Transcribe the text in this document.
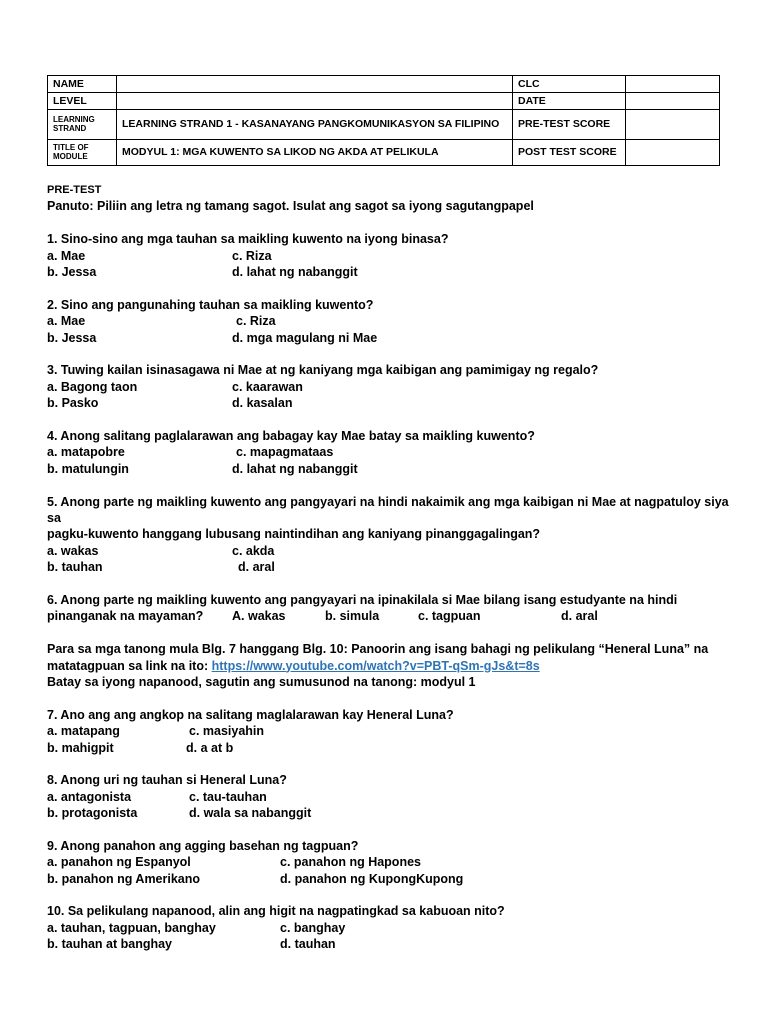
NAME		CLC	
LEVEL		DATE	
LEARNING STRAND	LEARNING STRAND 1 - KASANAYANG PANGKOMUNIKASYON SA FILIPINO	PRE-TEST SCORE	
TITLE OF MODULE	MODYUL 1: MGA KUWENTO SA LIKOD NG AKDA AT PELIKULA	POST TEST SCORE	

PRE-TEST

Panuto: Piliin ang letra ng tamang sagot. Isulat ang sagot sa iyong sagutangpapel

1. Sino-sino ang mga tauhan sa maikling kuwento na iyong binasa?

a. Mae	c. Riza
b. Jessa	d. lahat ng nabanggit

2. Sino ang pangunahing tauhan sa maikling kuwento?

a. Mae	c. Riza
b. Jessa	d. mga magulang ni Mae

3. Tuwing kailan isinasagawa ni Mae at ng kaniyang mga kaibigan ang pamimigay ng regalo?

a. Bagong taon	c. kaarawan
b. Pasko	d. kasalan

4. Anong salitang paglalarawan ang babagay kay Mae batay sa maikling kuwento?

a. matapobre	c. mapagmataas
b. matulungin	d. lahat ng nabanggit

5. Anong parte ng maikling kuwento ang pangyayari na hindi nakaimik ang mga kaibigan ni Mae at nagpatuloy siya sa

pagku-kuwento hanggang lubusang naintindihan ang kaniyang pinanggagalingan?

a. wakas	c. akda
b. tauhan	d. aral

6. Anong parte ng maikling kuwento ang pangyayari na ipinakilala si Mae bilang isang estudyante na hindi

pinanganak na mayaman? A. wakas	b. simula	c. tagpuan	d. aral

Para sa mga tanong mula Blg. 7 hanggang Blg. 10: Panoorin ang isang bahagi ng pelikulang “Heneral Luna” na

matatagpuan sa link na ito: https://www.youtube.com/watch?v=PBT-qSm-gJs&t=8s

Batay sa iyong napanood, sagutin ang sumusunod na tanong: modyul 1

7. Ano ang ang angkop na salitang maglalarawan kay Heneral Luna?

a. matapang	c. masiyahin
b. mahigpit	d. a at b

8. Anong uri ng tauhan si Heneral Luna?

a. antagonista	c. tau-tauhan
b. protagonista	d. wala sa nabanggit

9. Anong panahon ang agging basehan ng tagpuan?

a. panahon ng Espanyol	c. panahon ng Hapones
b. panahon ng Amerikano	d. panahon ng KupongKupong

10. Sa pelikulang napanood, alin ang higit na nagpatingkad sa kabuoan nito?

a. tauhan, tagpuan, banghay	c. banghay
b. tauhan at banghay	d. tauhan
